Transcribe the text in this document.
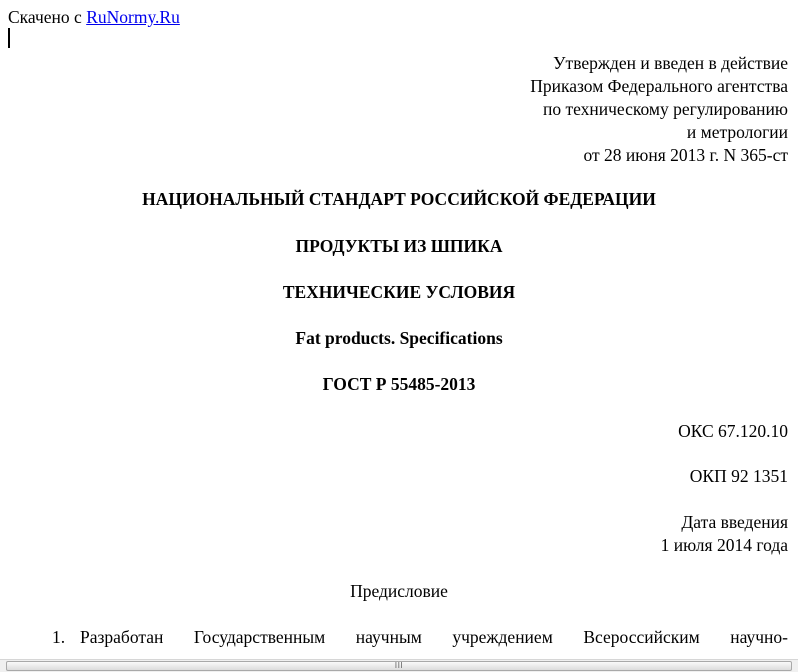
Скачено с RuNormy.Ru
Утвержден и введен в действие
Приказом Федерального агентства
по техническому регулированию
и метрологии
от 28 июня 2013 г. N 365-ст
НАЦИОНАЛЬНЫЙ СТАНДАРТ РОССИЙСКОЙ ФЕДЕРАЦИИ
ПРОДУКТЫ ИЗ ШПИКА
ТЕХНИЧЕСКИЕ УСЛОВИЯ
Fat products. Specifications
ГОСТ Р 55485-2013
ОКС 67.120.10
ОКП 92 1351
Дата введения
1 июля 2014 года
Предисловие
1. Разработан Государственным научным учреждением Всероссийским научно-
III
